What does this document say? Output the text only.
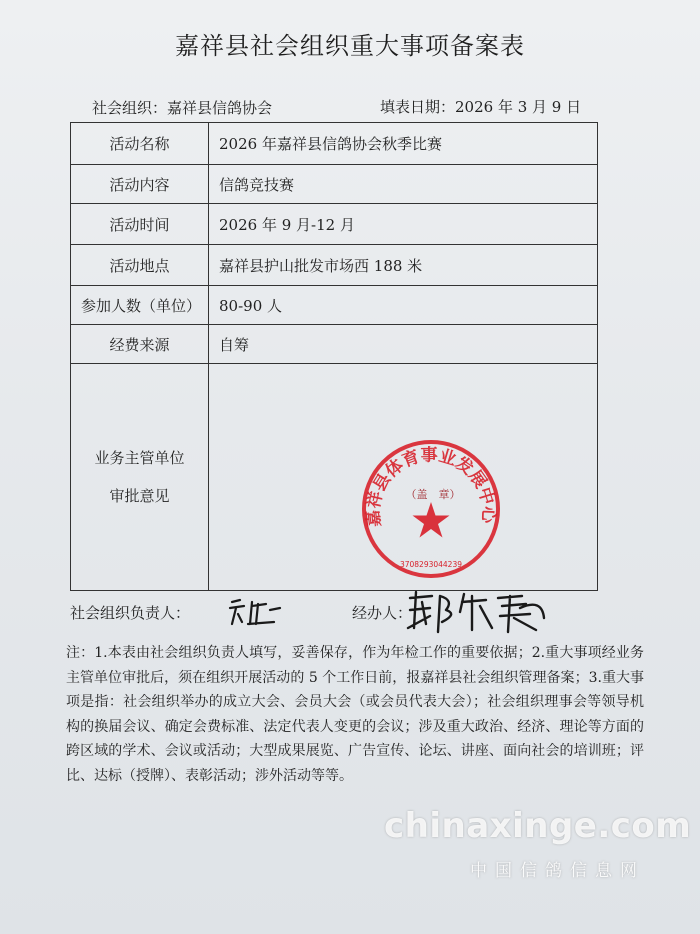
嘉祥县社会组织重大事项备案表
社会组织：嘉祥县信鸽协会	填表日期：2026 年 3 月 9 日
活动名称	2026 年嘉祥县信鸽协会秋季比赛
活动内容	信鸽竞技赛
活动时间	2026 年 9 月-12 月
活动地点	嘉祥县护山批发市场西 188 米
参加人数（单位）	80-90 人
经费来源	自筹

业务主管单位
审批意见	

嘉祥县体育事业发展中心
（盖　章）
3708293044239
社会组织负责人：	经办人：
注：1.本表由社会组织负责人填写，妥善保存，作为年检工作的重要依据；2.重大事项经业务主管单位审批后，须在组织开展活动的 5 个工作日前，报嘉祥县社会组织管理备案；3.重大事项是指：社会组织举办的成立大会、会员大会（或会员代表大会）；社会组织理事会等领导机构的换届会议、确定会费标准、法定代表人变更的会议；涉及重大政治、经济、理论等方面的跨区域的学术、会议或活动；大型成果展览、广告宣传、论坛、讲座、面向社会的培训班；评比、达标（授牌）、表彰活动；涉外活动等等。
chinaxinge.com
中国信鸽信息网
